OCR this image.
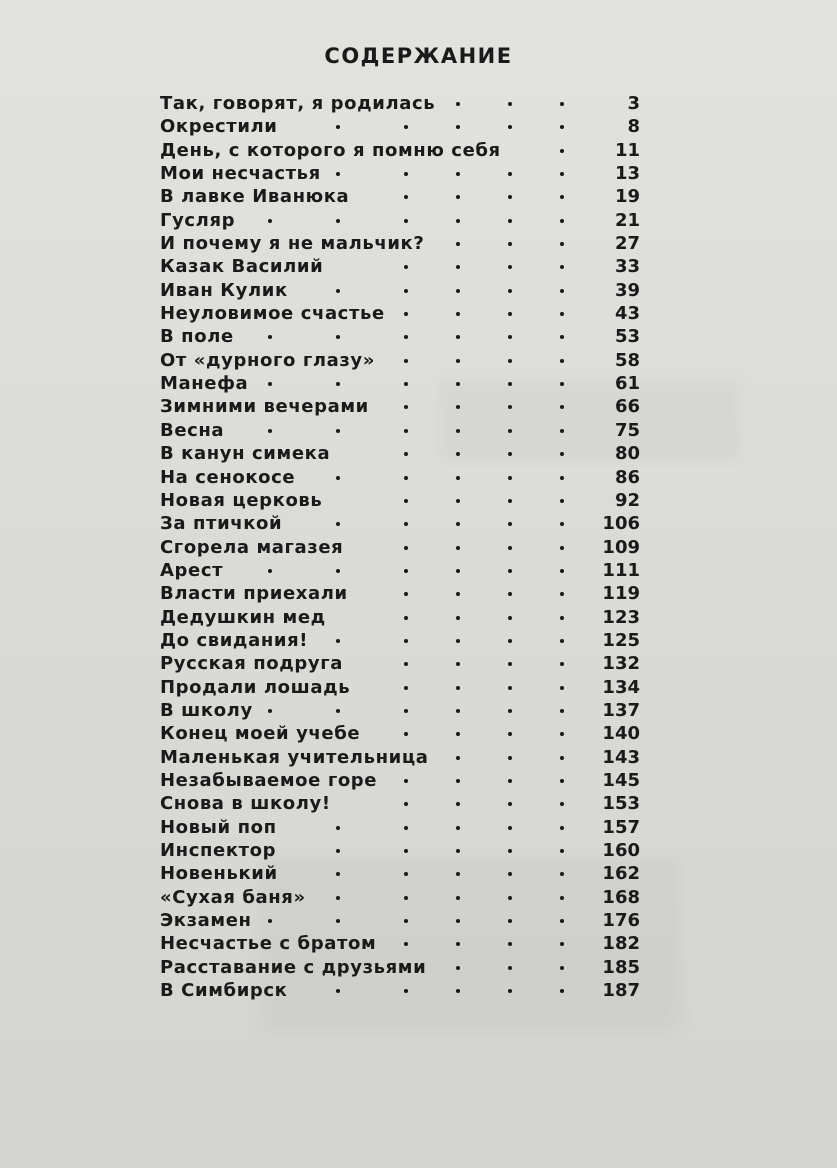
СОДЕРЖАНИЕ
Так, говорят, я родилась	3
Окрестили	8
День, с которого я помню себя	11
Мои несчастья	13
В лавке Иванюка	19
Гусляр	21
И почему я не мальчик?	27
Казак Василий	33
Иван Кулик	39
Неуловимое счастье	43
В поле	53
От «дурного глазу»	58
Манефа	61
Зимними вечерами	66
Весна	75
В канун симека	80
На сенокосе	86
Новая церковь	92
За птичкой	106
Сгорела магазея	109
Арест	111
Власти приехали	119
Дедушкин мед	123
До свидания!	125
Русская подруга	132
Продали лошадь	134
В школу	137
Конец моей учебе	140
Маленькая учительница	143
Незабываемое горе	145
Снова в школу!	153
Новый поп	157
Инспектор	160
Новенький	162
«Сухая баня»	168
Экзамен	176
Несчастье с братом	182
Расставание с друзьями	185
В Симбирск	187
